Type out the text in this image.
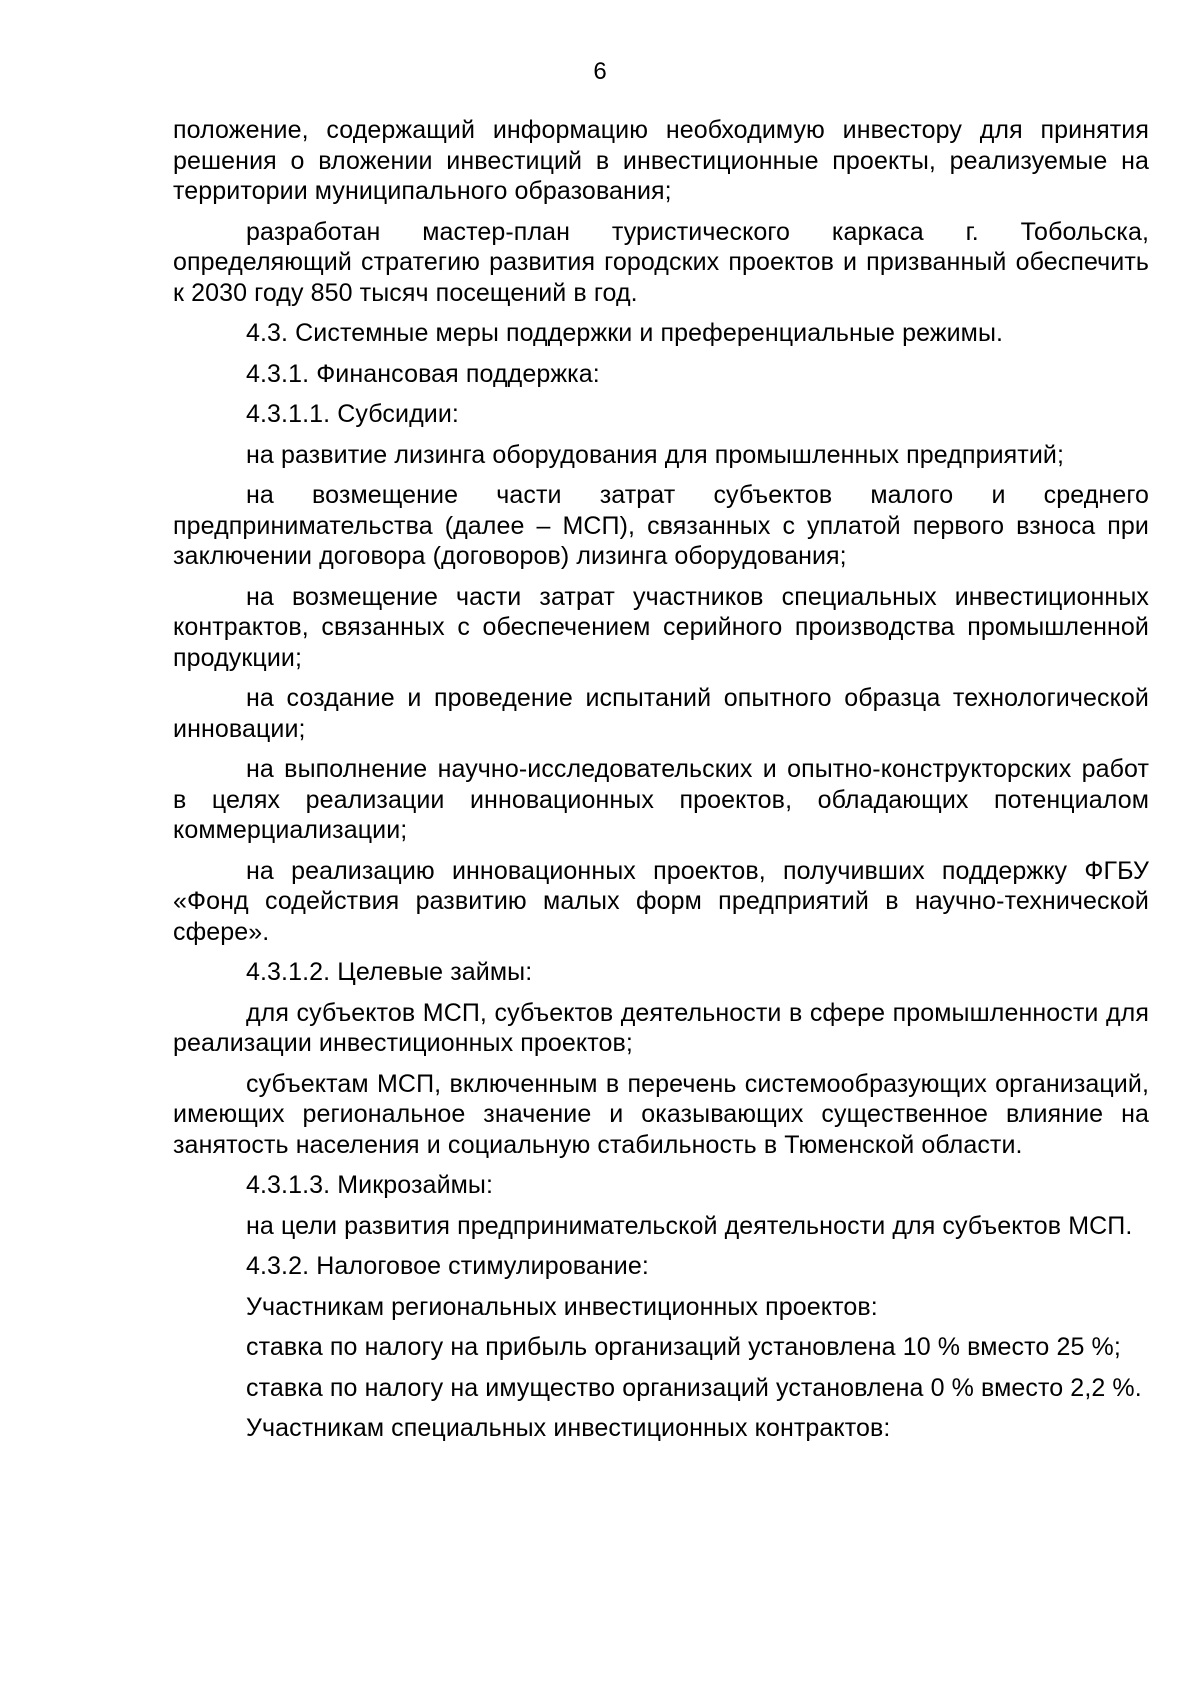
6

положение, содержащий информацию необходимую инвестору для принятия решения о вложении инвестиций в инвестиционные проекты, реализуемые на территории муниципального образования;

разработан мастер-план туристического каркаса г. Тобольска, определяющий стратегию развития городских проектов и призванный обеспечить к 2030 году 850 тысяч посещений в год.

4.3. Системные меры поддержки и преференциальные режимы.

4.3.1. Финансовая поддержка:

4.3.1.1. Субсидии:

на развитие лизинга оборудования для промышленных предприятий;

на возмещение части затрат субъектов малого и среднего предпринимательства (далее – МСП), связанных с уплатой первого взноса при заключении договора (договоров) лизинга оборудования;

на возмещение части затрат участников специальных инвестиционных контрактов, связанных с обеспечением серийного производства промышленной продукции;

на создание и проведение испытаний опытного образца технологической инновации;

на выполнение научно-исследовательских и опытно-конструкторских работ в целях реализации инновационных проектов, обладающих потенциалом коммерциализации;

на реализацию инновационных проектов, получивших поддержку ФГБУ «Фонд содействия развитию малых форм предприятий в научно-технической сфере».

4.3.1.2. Целевые займы:

для субъектов МСП, субъектов деятельности в сфере промышленности для реализации инвестиционных проектов;

субъектам МСП, включенным в перечень системообразующих организаций, имеющих региональное значение и оказывающих существенное влияние на занятость населения и социальную стабильность в Тюменской области.

4.3.1.3. Микрозаймы:

на цели развития предпринимательской деятельности для субъектов МСП.

4.3.2. Налоговое стимулирование:

Участникам региональных инвестиционных проектов:

ставка по налогу на прибыль организаций установлена 10 % вместо 25 %;

ставка по налогу на имущество организаций установлена 0 % вместо 2,2 %.

Участникам специальных инвестиционных контрактов:
